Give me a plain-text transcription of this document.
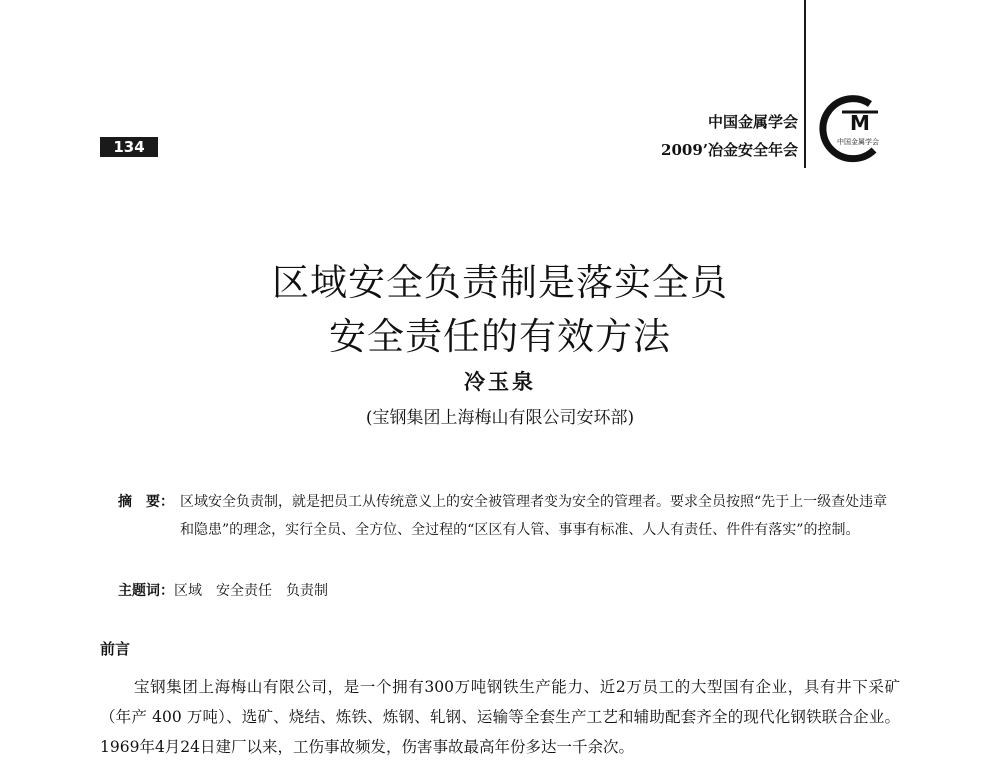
134
中国金属学会
2009’冶金安全年会
M
中国金属学会
区域安全负责制是落实全员
安全责任的有效方法
冷玉泉
(宝钢集团上海梅山有限公司安环部)
摘　要： 区域安全负责制，就是把员工从传统意义上的安全被管理者变为安全的管理者。要求全员按照“先于上一级查处违章和隐患”的理念，实行全员、全方位、全过程的“区区有人管、事事有标准、人人有责任、件件有落实”的控制。
主题词：区域　安全责任　负责制
前言

宝钢集团上海梅山有限公司，是一个拥有300万吨钢铁生产能力、近2万员工的大型国有企业，具有井下采矿（年产 400 万吨）、选矿、烧结、炼铁、炼钢、轧钢、运输等全套生产工艺和辅助配套齐全的现代化钢铁联合企业。1969年4月24日建厂以来，工伤事故频发，伤害事故最高年份多达一千余次。
